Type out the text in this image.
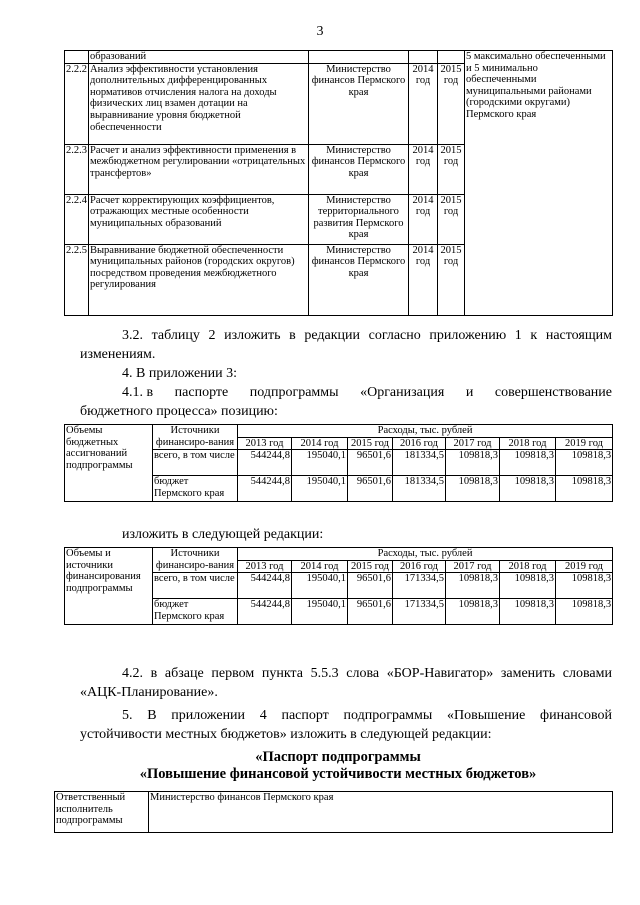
3
	образований				5 максимально обеспеченными и 5 минимально обеспеченными муниципальными районами (городскими округами) Пермского края
2.2.2	Анализ эффективности установления дополнительных дифференцированных нормативов отчисления налога на доходы физических лиц взамен дотации на выравнивание уровня бюджетной обеспеченности	Министерство финансов Пермского края	2014 год	2015 год	
2.2.3	Расчет и анализ эффективности применения в межбюджетном регулировании «отрицательных трансфертов»	Министерство финансов Пермского края	2014 год	2015 год	
2.2.4	Расчет корректирующих коэффициентов, отражающих местные особенности муниципальных образований	Министерство территориального развития Пермского края	2014 год	2015 год	
2.2.5	Выравнивание бюджетной обеспеченности муниципальных районов (городских округов) посредством проведения межбюджетного регулирования	Министерство финансов Пермского края	2014 год	2015 год	
3.2. таблицу 2 изложить в редакции согласно приложению 1 к настоящим изменениям.
4. В приложении 3:
4.1. в паспорте подпрограммы «Организация и совершенствование
бюджетного процесса» позицию:
Объемы бюджетных ассигнований подпрограммы	Источники финансиро-вания	Расходы, тыс. рублей						
		2013 год	2014 год	2015 год	2016 год	2017 год	2018 год	2019 год
	всего, в том числе	544244,8	195040,1	96501,6	181334,5	109818,3	109818,3	109818,3
	бюджет Пермского края	544244,8	195040,1	96501,6	181334,5	109818,3	109818,3	109818,3
изложить в следующей редакции:
Объемы и источники финансирования подпрограммы	Источники финансиро-вания	Расходы, тыс. рублей						
		2013 год	2014 год	2015 год	2016 год	2017 год	2018 год	2019 год
	всего, в том числе	544244,8	195040,1	96501,6	171334,5	109818,3	109818,3	109818,3
	бюджет Пермского края	544244,8	195040,1	96501,6	171334,5	109818,3	109818,3	109818,3
4.2. в абзаце первом пункта 5.5.3 слова «БОР-Навигатор» заменить словами «АЦК-Планирование».
5. В приложении 4 паспорт подпрограммы «Повышение финансовой устойчивости местных бюджетов» изложить в следующей редакции:
«Паспорт подпрограммы
«Повышение финансовой устойчивости местных бюджетов»
Ответственный исполнитель подпрограммы	Министерство финансов Пермского края
